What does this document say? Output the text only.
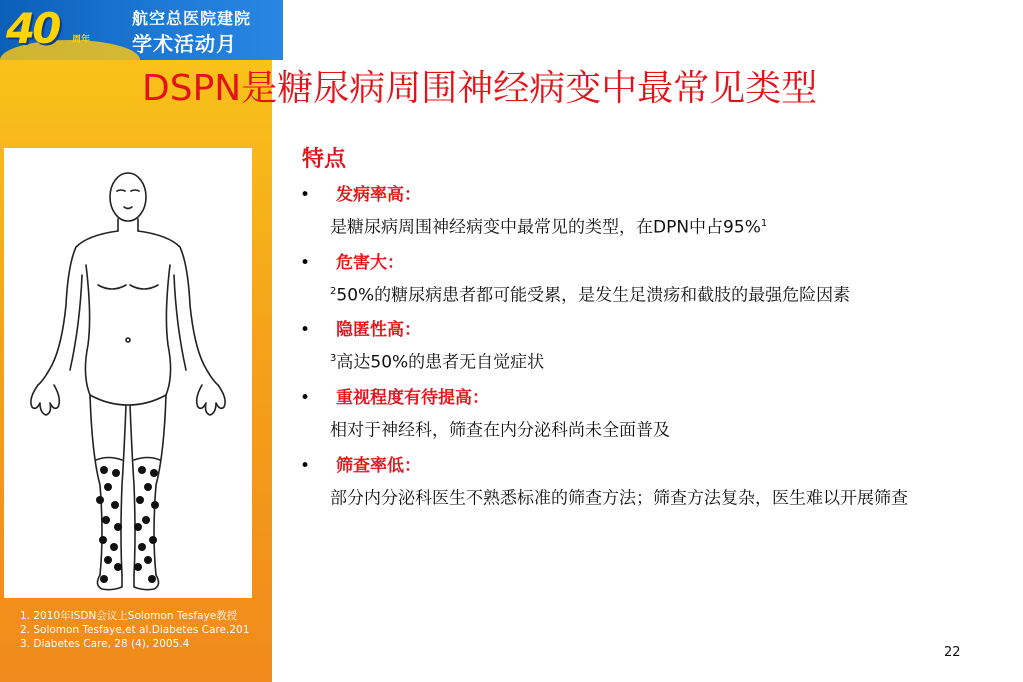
40 周年
航空总医院建院
学术活动月
DSPN是糖尿病周围神经病变中最常见类型
特点
• 发病率高：
是糖尿病周围神经病变中最常见的类型，在DPN中占95%$^1$
• 危害大：
$^2$50%的糖尿病患者都可能受累，是发生足溃疡和截肢的最强危险因素
• 隐匿性高：
$^3$高达50%的患者无自觉症状
• 重视程度有待提高：
相对于神经科，筛查在内分泌科尚未全面普及
• 筛查率低：
部分内分泌科医生不熟悉标准的筛查方法；筛查方法复杂，医生难以开展筛查
1. 2010年ISDN会议上Solomon Tesfaye教授
2. Solomon Tesfaye,et al.Diabetes Care.201
3. Diabetes Care, 28 (4), 2005.4
22
